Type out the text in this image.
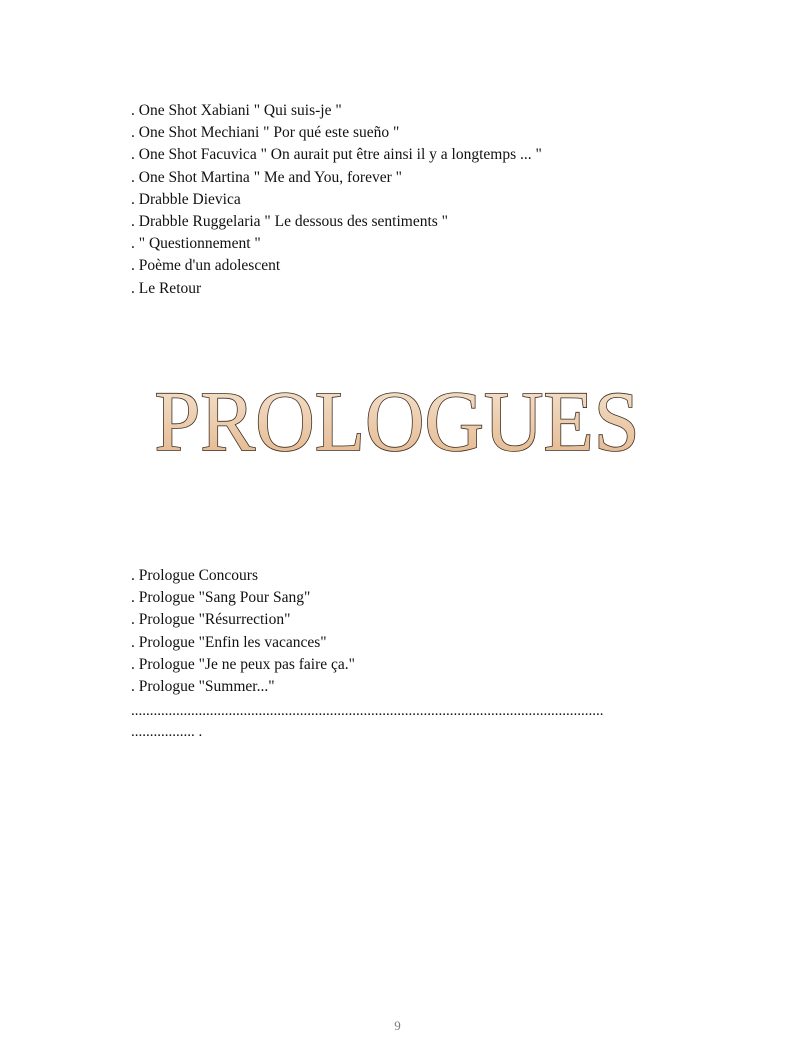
. One Shot Xabiani " Qui suis-je "
. One Shot Mechiani " Por qué este sueño "
. One Shot Facuvica " On aurait put être ainsi il y a longtemps ... "
. One Shot Martina " Me and You, forever "
. Drabble Dievica
. Drabble Ruggelaria " Le dessous des sentiments "
. " Questionnement "
. Poème d'un adolescent
. Le Retour
PROLOGUES
. Prologue Concours
. Prologue "Sang Pour Sang"
. Prologue "Résurrection"
. Prologue "Enfin les vacances"
. Prologue "Je ne peux pas faire ça."
. Prologue "Summer..."
..............................................................................................................................
................. .
9
